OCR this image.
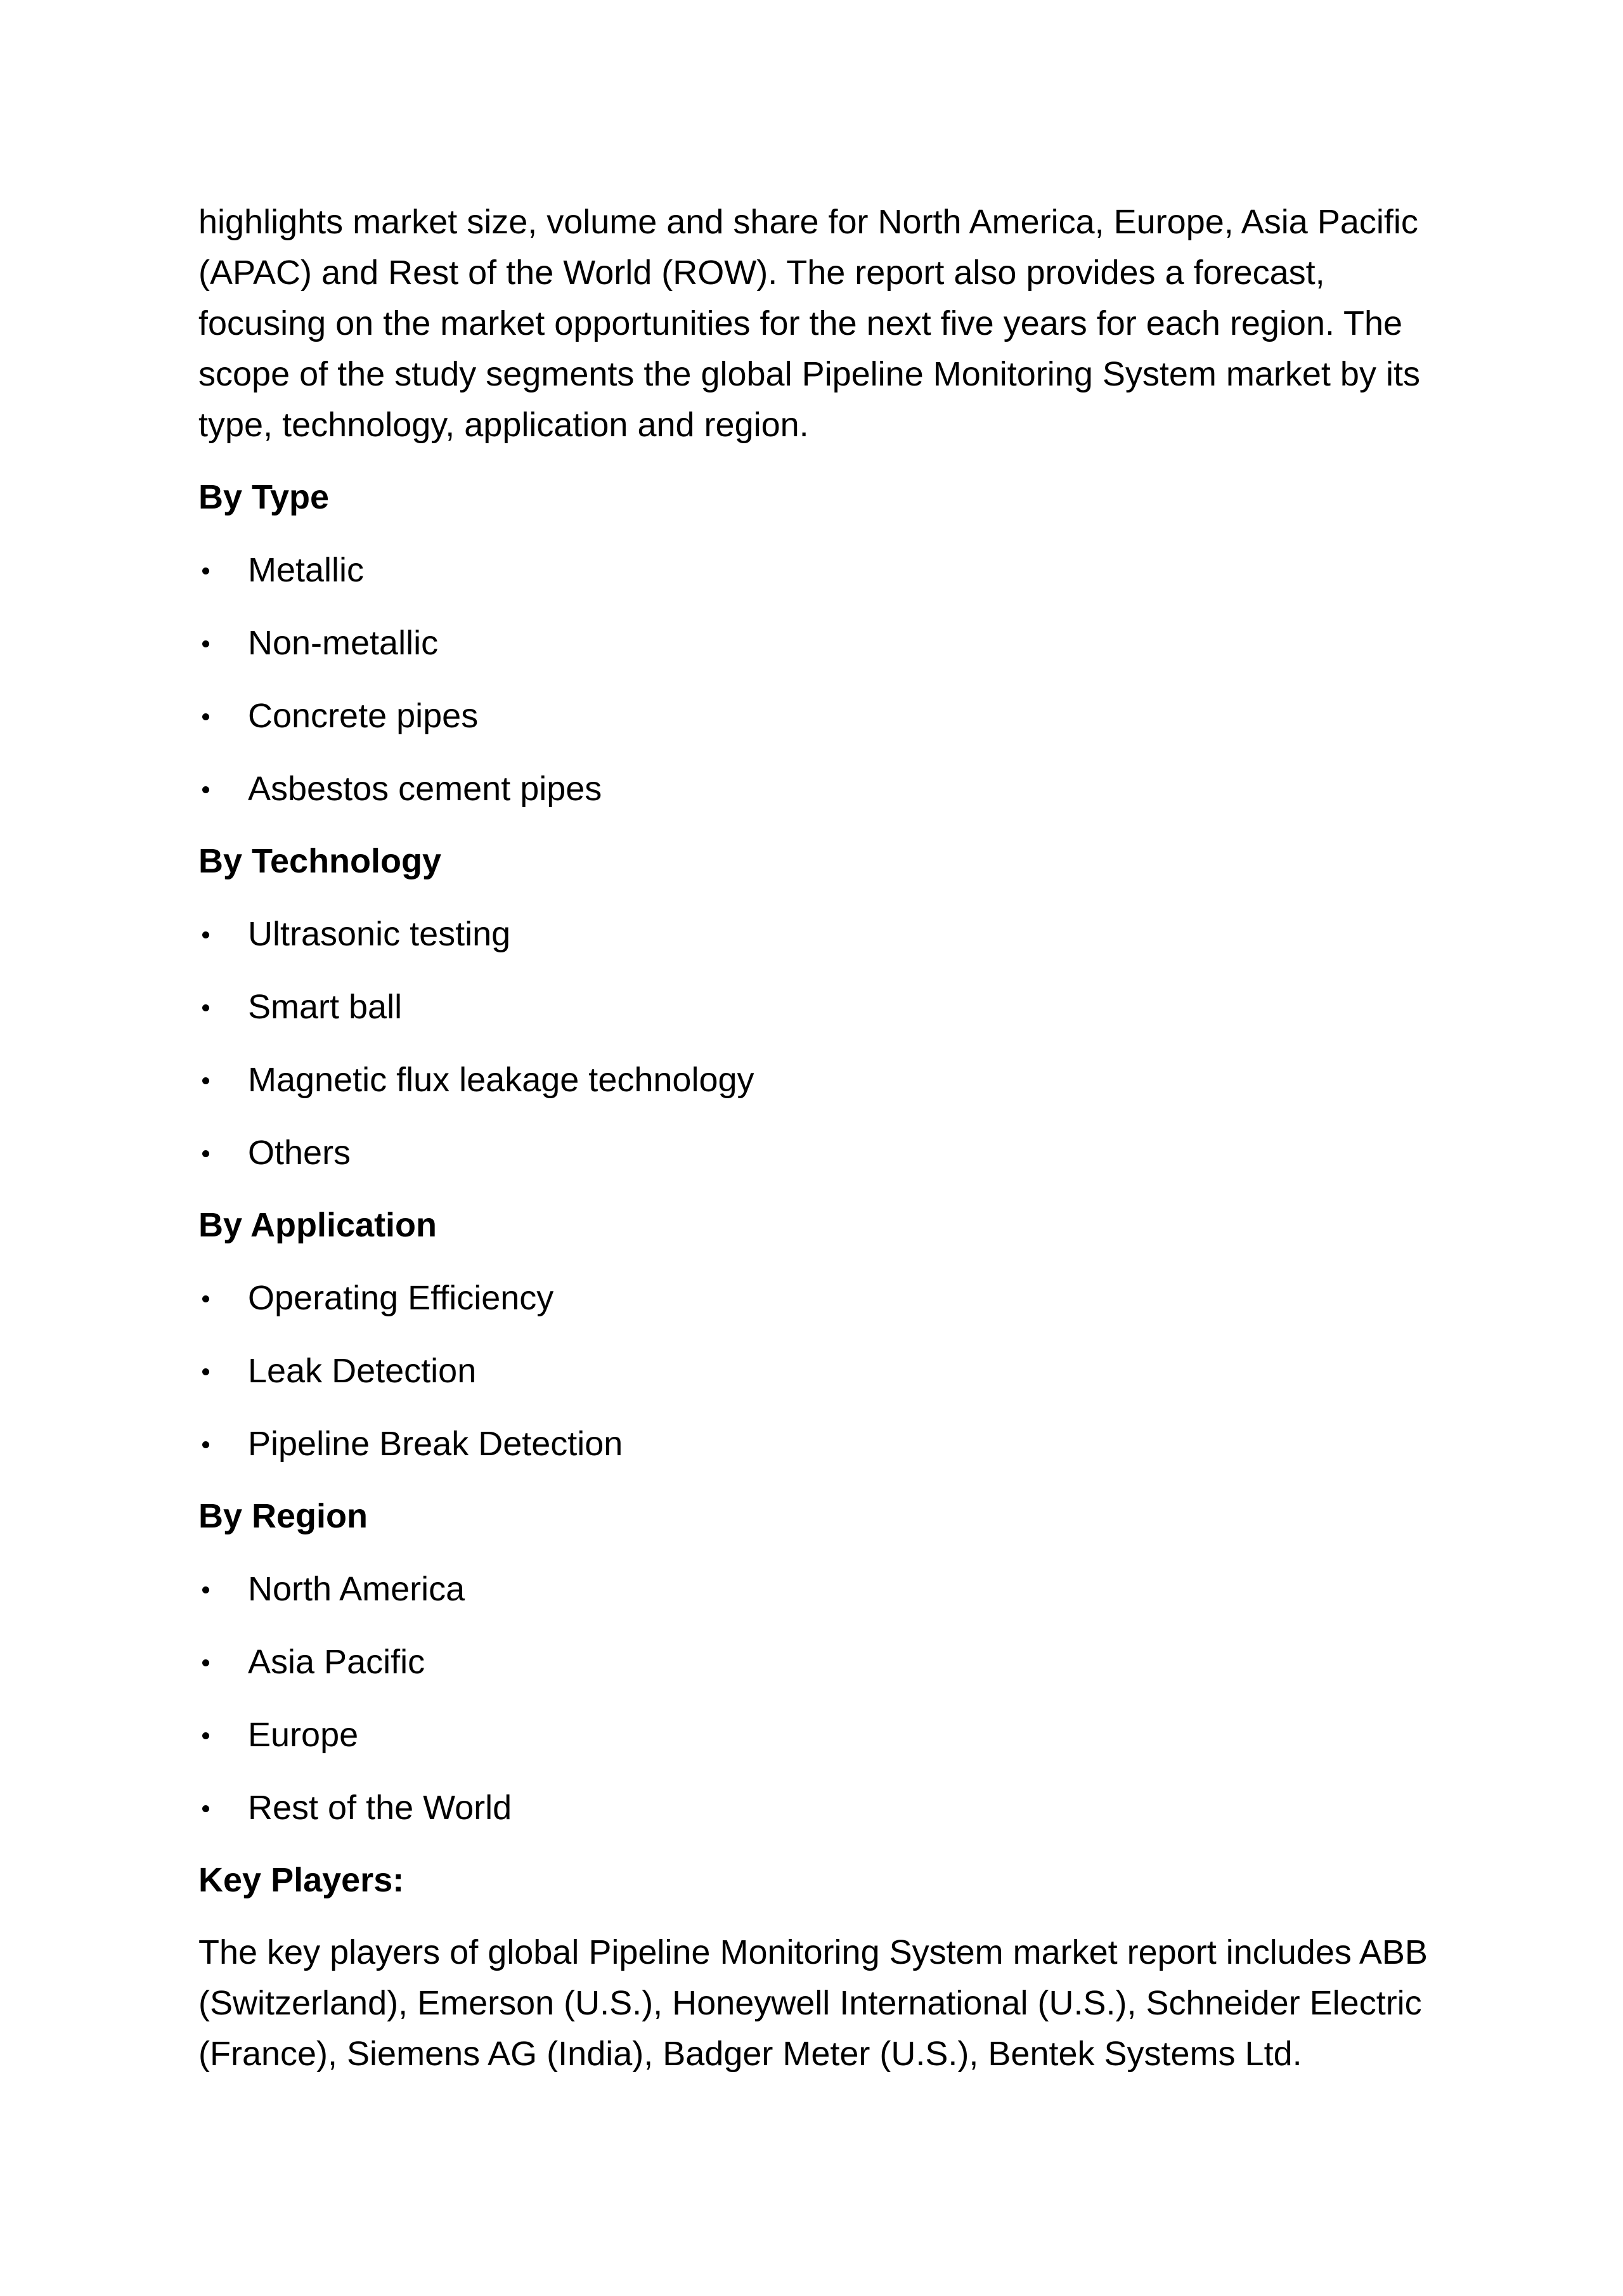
highlights market size, volume and share for North America, Europe, Asia Pacific (APAC) and Rest of the World (ROW). The report also provides a forecast, focusing on the market opportunities for the next five years for each region. The scope of the study segments the global Pipeline Monitoring System market by its type, technology, application and region.

By Type
Metallic
Non-metallic
Concrete pipes
Asbestos cement pipes
By Technology
Ultrasonic testing
Smart ball
Magnetic flux leakage technology
Others
By Application
Operating Efficiency
Leak Detection
Pipeline Break Detection
By Region
North America
Asia Pacific
Europe
Rest of the World
Key Players:

The key players of global Pipeline Monitoring System market report includes ABB (Switzerland), Emerson (U.S.), Honeywell International (U.S.), Schneider Electric (France), Siemens AG (India), Badger Meter (U.S.), Bentek Systems Ltd.
